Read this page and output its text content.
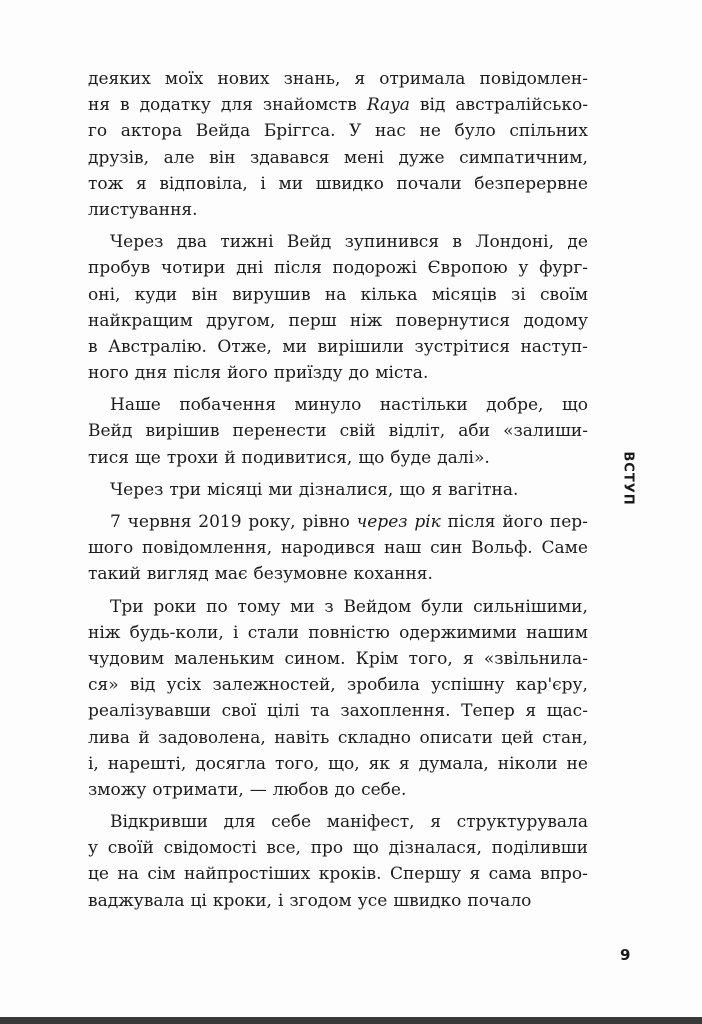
деяких моїх нових знань, я отримала повідомлен-
ня в додатку для знайомств Raya від австралійсько-
го актора Вейда Бріггса. У нас не було спільних
друзів, але він здавався мені дуже симпатичним,
тож я відповіла, і ми швидко почали безперервне
листування.
Через два тижні Вейд зупинився в Лондоні, де
пробув чотири дні після подорожі Європою у фург-
оні, куди він вирушив на кілька місяців зі своїм
найкращим другом, перш ніж повернутися додому
в Австралію. Отже, ми вирішили зустрітися наступ-
ного дня після його приїзду до міста.
Наше побачення минуло настільки добре, що
Вейд вирішив перенести свій відліт, аби «залиши-
тися ще трохи й подивитися, що буде далі».
Через три місяці ми дізналися, що я вагітна.
7 червня 2019 року, рівно через рік після його пер-
шого повідомлення, народився наш син Вольф. Саме
такий вигляд має безумовне кохання.
Три роки по тому ми з Вейдом були сильнішими,
ніж будь-коли, і стали повністю одержимими нашим
чудовим маленьким сином. Крім того, я «звільнила-
ся» від усіх залежностей, зробила успішну кар'єру,
реалізувавши свої цілі та захоплення. Тепер я щас-
лива й задоволена, навіть складно описати цей стан,
і, нарешті, досягла того, що, як я думала, ніколи не
зможу отримати, — любов до себе.
Відкривши для себе маніфест, я структурувала
у своїй свідомості все, про що дізналася, поділивши
це на сім найпростіших кроків. Спершу я сама впро-
ваджувала ці кроки, і згодом усе швидко почало
ВСТУП
9
